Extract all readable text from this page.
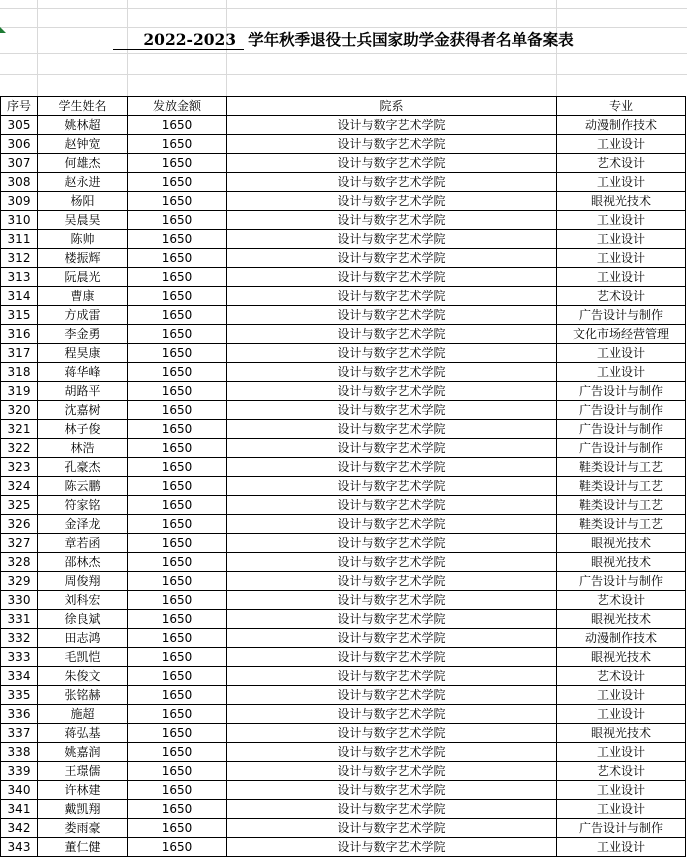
2022-2023 学年秋季退役士兵国家助学金获得者名单备案表
序号	学生姓名	发放金额	院系	专业
305	姚林超	1650	设计与数字艺术学院	动漫制作技术
306	赵钟宽	1650	设计与数字艺术学院	工业设计
307	何雄杰	1650	设计与数字艺术学院	艺术设计
308	赵永进	1650	设计与数字艺术学院	工业设计
309	杨阳	1650	设计与数字艺术学院	眼视光技术
310	吴晨昊	1650	设计与数字艺术学院	工业设计
311	陈帅	1650	设计与数字艺术学院	工业设计
312	楼振辉	1650	设计与数字艺术学院	工业设计
313	阮晨光	1650	设计与数字艺术学院	工业设计
314	曹康	1650	设计与数字艺术学院	艺术设计
315	方成雷	1650	设计与数字艺术学院	广告设计与制作
316	李金勇	1650	设计与数字艺术学院	文化市场经营管理
317	程昊康	1650	设计与数字艺术学院	工业设计
318	蒋华峰	1650	设计与数字艺术学院	工业设计
319	胡路平	1650	设计与数字艺术学院	广告设计与制作
320	沈嘉树	1650	设计与数字艺术学院	广告设计与制作
321	林子俊	1650	设计与数字艺术学院	广告设计与制作
322	林浩	1650	设计与数字艺术学院	广告设计与制作
323	孔豪杰	1650	设计与数字艺术学院	鞋类设计与工艺
324	陈云鹏	1650	设计与数字艺术学院	鞋类设计与工艺
325	符家铭	1650	设计与数字艺术学院	鞋类设计与工艺
326	金泽龙	1650	设计与数字艺术学院	鞋类设计与工艺
327	章若函	1650	设计与数字艺术学院	眼视光技术
328	邵林杰	1650	设计与数字艺术学院	眼视光技术
329	周俊翔	1650	设计与数字艺术学院	广告设计与制作
330	刘科宏	1650	设计与数字艺术学院	艺术设计
331	徐良斌	1650	设计与数字艺术学院	眼视光技术
332	田志鸿	1650	设计与数字艺术学院	动漫制作技术
333	毛凯恺	1650	设计与数字艺术学院	眼视光技术
334	朱俊文	1650	设计与数字艺术学院	艺术设计
335	张铭赫	1650	设计与数字艺术学院	工业设计
336	施超	1650	设计与数字艺术学院	工业设计
337	蒋弘基	1650	设计与数字艺术学院	眼视光技术
338	姚嘉润	1650	设计与数字艺术学院	工业设计
339	王璟儒	1650	设计与数字艺术学院	艺术设计
340	许林建	1650	设计与数字艺术学院	工业设计
341	戴凯翔	1650	设计与数字艺术学院	工业设计
342	娄雨豪	1650	设计与数字艺术学院	广告设计与制作
343	董仁健	1650	设计与数字艺术学院	工业设计
